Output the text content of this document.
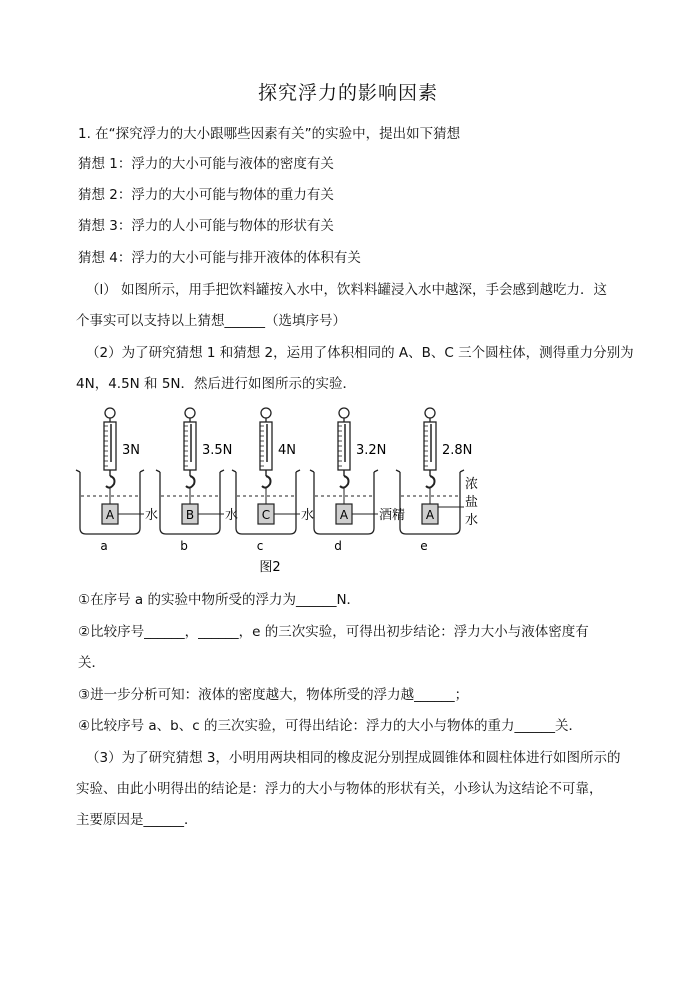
探究浮力的影响因素
1. 在“探究浮力的大小跟哪些因素有关”的实验中，提出如下猜想
猜想 1：浮力的大小可能与液体的密度有关
猜想 2：浮力的大小可能与物体的重力有关
猜想 3：浮力的人小可能与物体的形状有关
猜想 4：浮力的大小可能与排开液体的体积有关
（l） 如图所示，用手把饮料罐按入水中，饮料料罐浸入水中越深，手会感到越吃力．这
个事实可以支持以上猜想______（选填序号）
（2）为了研究猜想 1 和猜想 2，运用了体积相同的 A、B、C 三个圆柱体，测得重力分别为
4N，4.5N 和 5N．然后进行如图所示的实验．
A
3N
水
a
B
3.5N
水
b
C
4N
水
c
A
3.2N
酒精
d
A
2.8N
浓
盐
水
e
图2
①在序号 a 的实验中物所受的浮力为______N．
②比较序号______，______，e 的三次实验，可得出初步结论：浮力大小与液体密度有
关．
③进一步分析可知：液体的密度越大，物体所受的浮力越______；
④比较序号 a、b、c 的三次实验，可得出结论：浮力的大小与物体的重力______关．
（3）为了研究猜想 3，小明用两块相同的橡皮泥分别捏成圆锥体和圆柱体进行如图所示的
实验、由此小明得出的结论是：浮力的大小与物体的形状有关，小珍认为这结论不可靠，
主要原因是______．
